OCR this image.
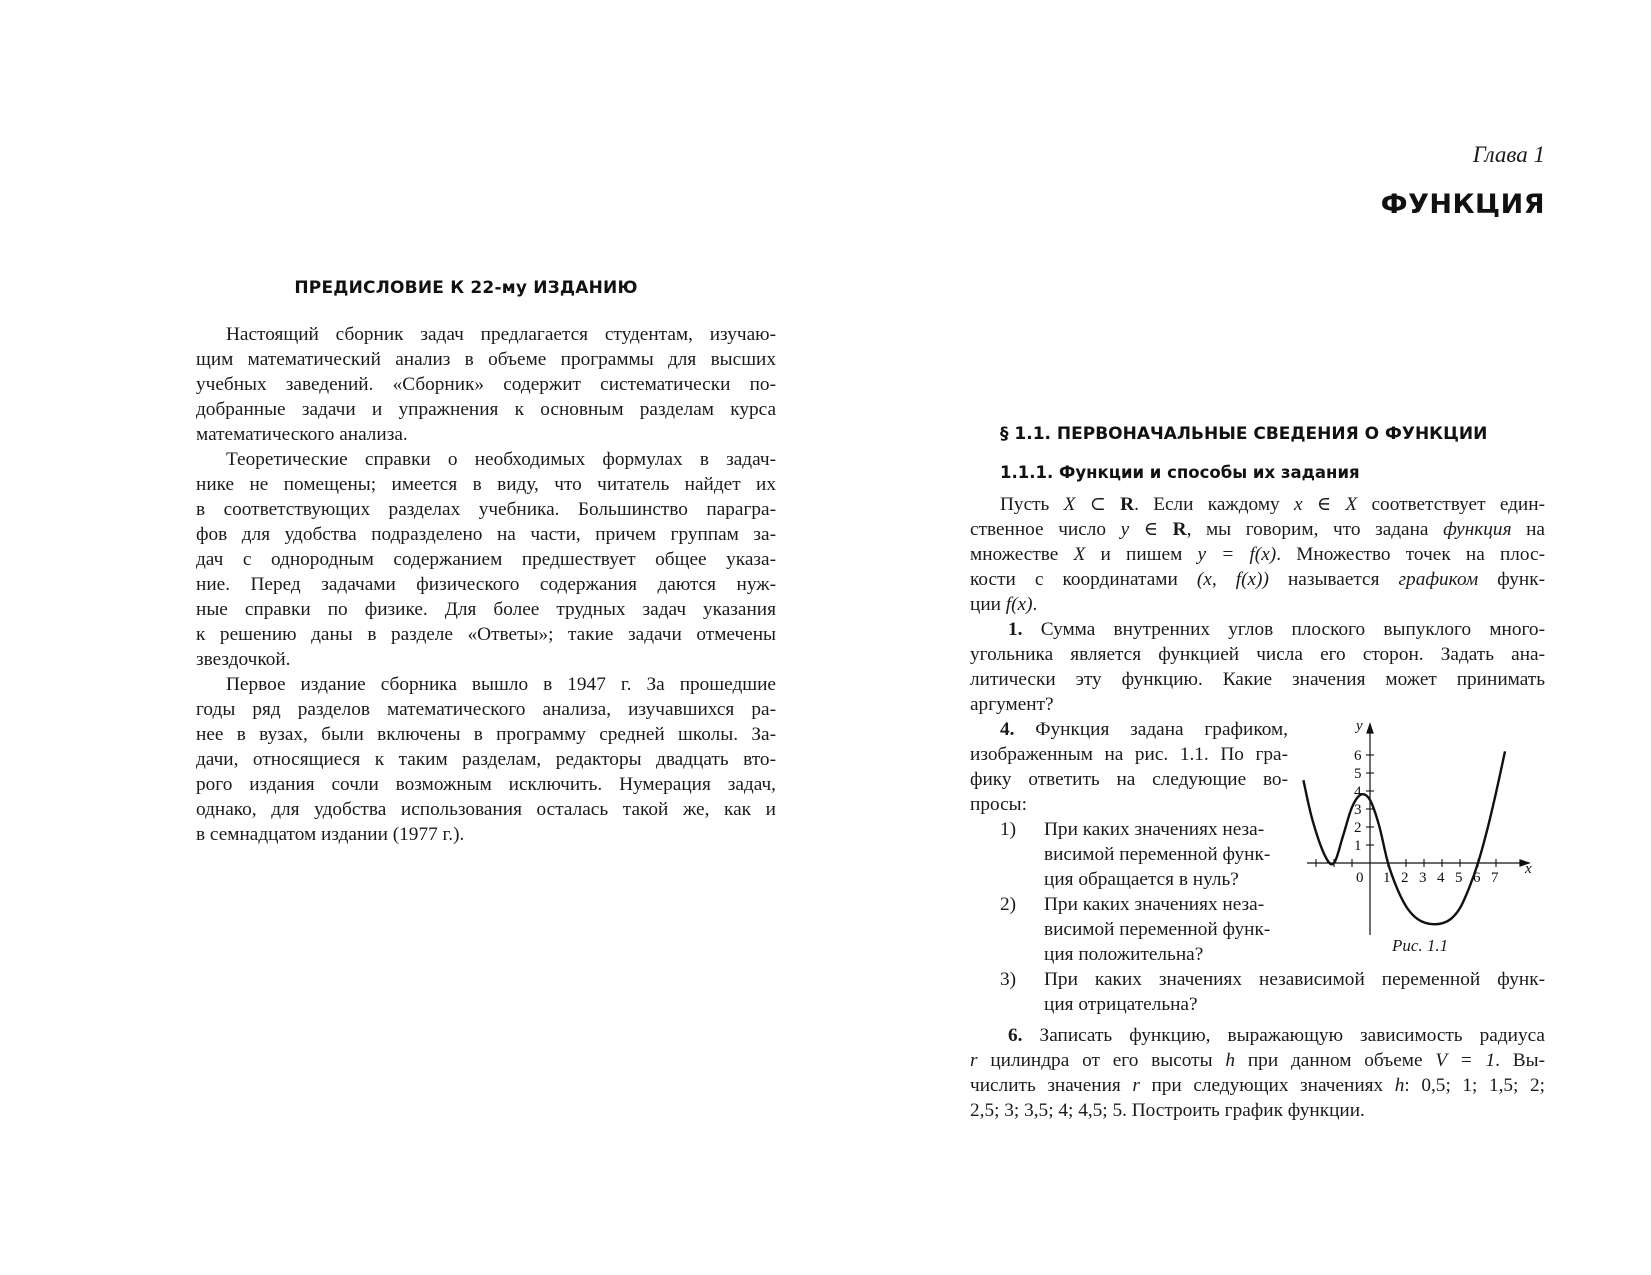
ПРЕДИСЛОВИЕ К 22-му ИЗДАНИЮ
Настоящий сборник задач предлагается студентам, изучаю-
щим математический анализ в объеме программы для высших
учебных заведений. «Сборник» содержит систематически по-
добранные задачи и упражнения к основным разделам курса
математического анализа.
Теоретические справки о необходимых формулах в задач-
нике не помещены; имеется в виду, что читатель найдет их
в соответствующих разделах учебника. Большинство парагра-
фов для удобства подразделено на части, причем группам за-
дач с однородным содержанием предшествует общее указа-
ние. Перед задачами физического содержания даются нуж-
ные справки по физике. Для более трудных задач указания
к решению даны в разделе «Ответы»; такие задачи отмечены
звездочкой.
Первое издание сборника вышло в 1947 г. За прошедшие
годы ряд разделов математического анализа, изучавшихся ра-
нее в вузах, были включены в программу средней школы. За-
дачи, относящиеся к таким разделам, редакторы двадцать вто-
рого издания сочли возможным исключить. Нумерация задач,
однако, для удобства использования осталась такой же, как и
в семнадцатом издании (1977 г.).
Глава 1
ФУНКЦИЯ
§ 1.1. ПЕРВОНАЧАЛЬНЫЕ СВЕДЕНИЯ О ФУНКЦИИ
1.1.1. Функции и способы их задания
Пусть X ⊂ R. Если каждому x ∈ X соответствует един-
ственное число y ∈ R, мы говорим, что задана функция на
множестве X и пишем y = f(x). Множество точек на плос-
кости с координатами (x, f(x)) называется графиком функ-
ции f(x).
1. Сумма внутренних углов плоского выпуклого много-
угольника является функцией числа его сторон. Задать ана-
литически эту функцию. Какие значения может принимать
аргумент?
4. Функция задана графиком,
изображенным на рис. 1.1. По гра-
фику ответить на следующие во-
просы:
1) При каких значениях неза-
висимой переменной функ-
ция обращается в нуль?
2) При каких значениях неза-
висимой переменной функ-
ция положительна?
3) При каких значениях независимой переменной функ-
ция отрицательна?
6. Записать функцию, выражающую зависимость радиуса
r цилиндра от его высоты h при данном объеме V = 1. Вы-
числить значения r при следующих значениях h: 0,5; 1; 1,5; 2;
2,5; 3; 3,5; 4; 4,5; 5. Построить график функции.
0 1 2 3 4 5 6 7
1
2
3
4
5
6
x
y
Рис. 1.1
